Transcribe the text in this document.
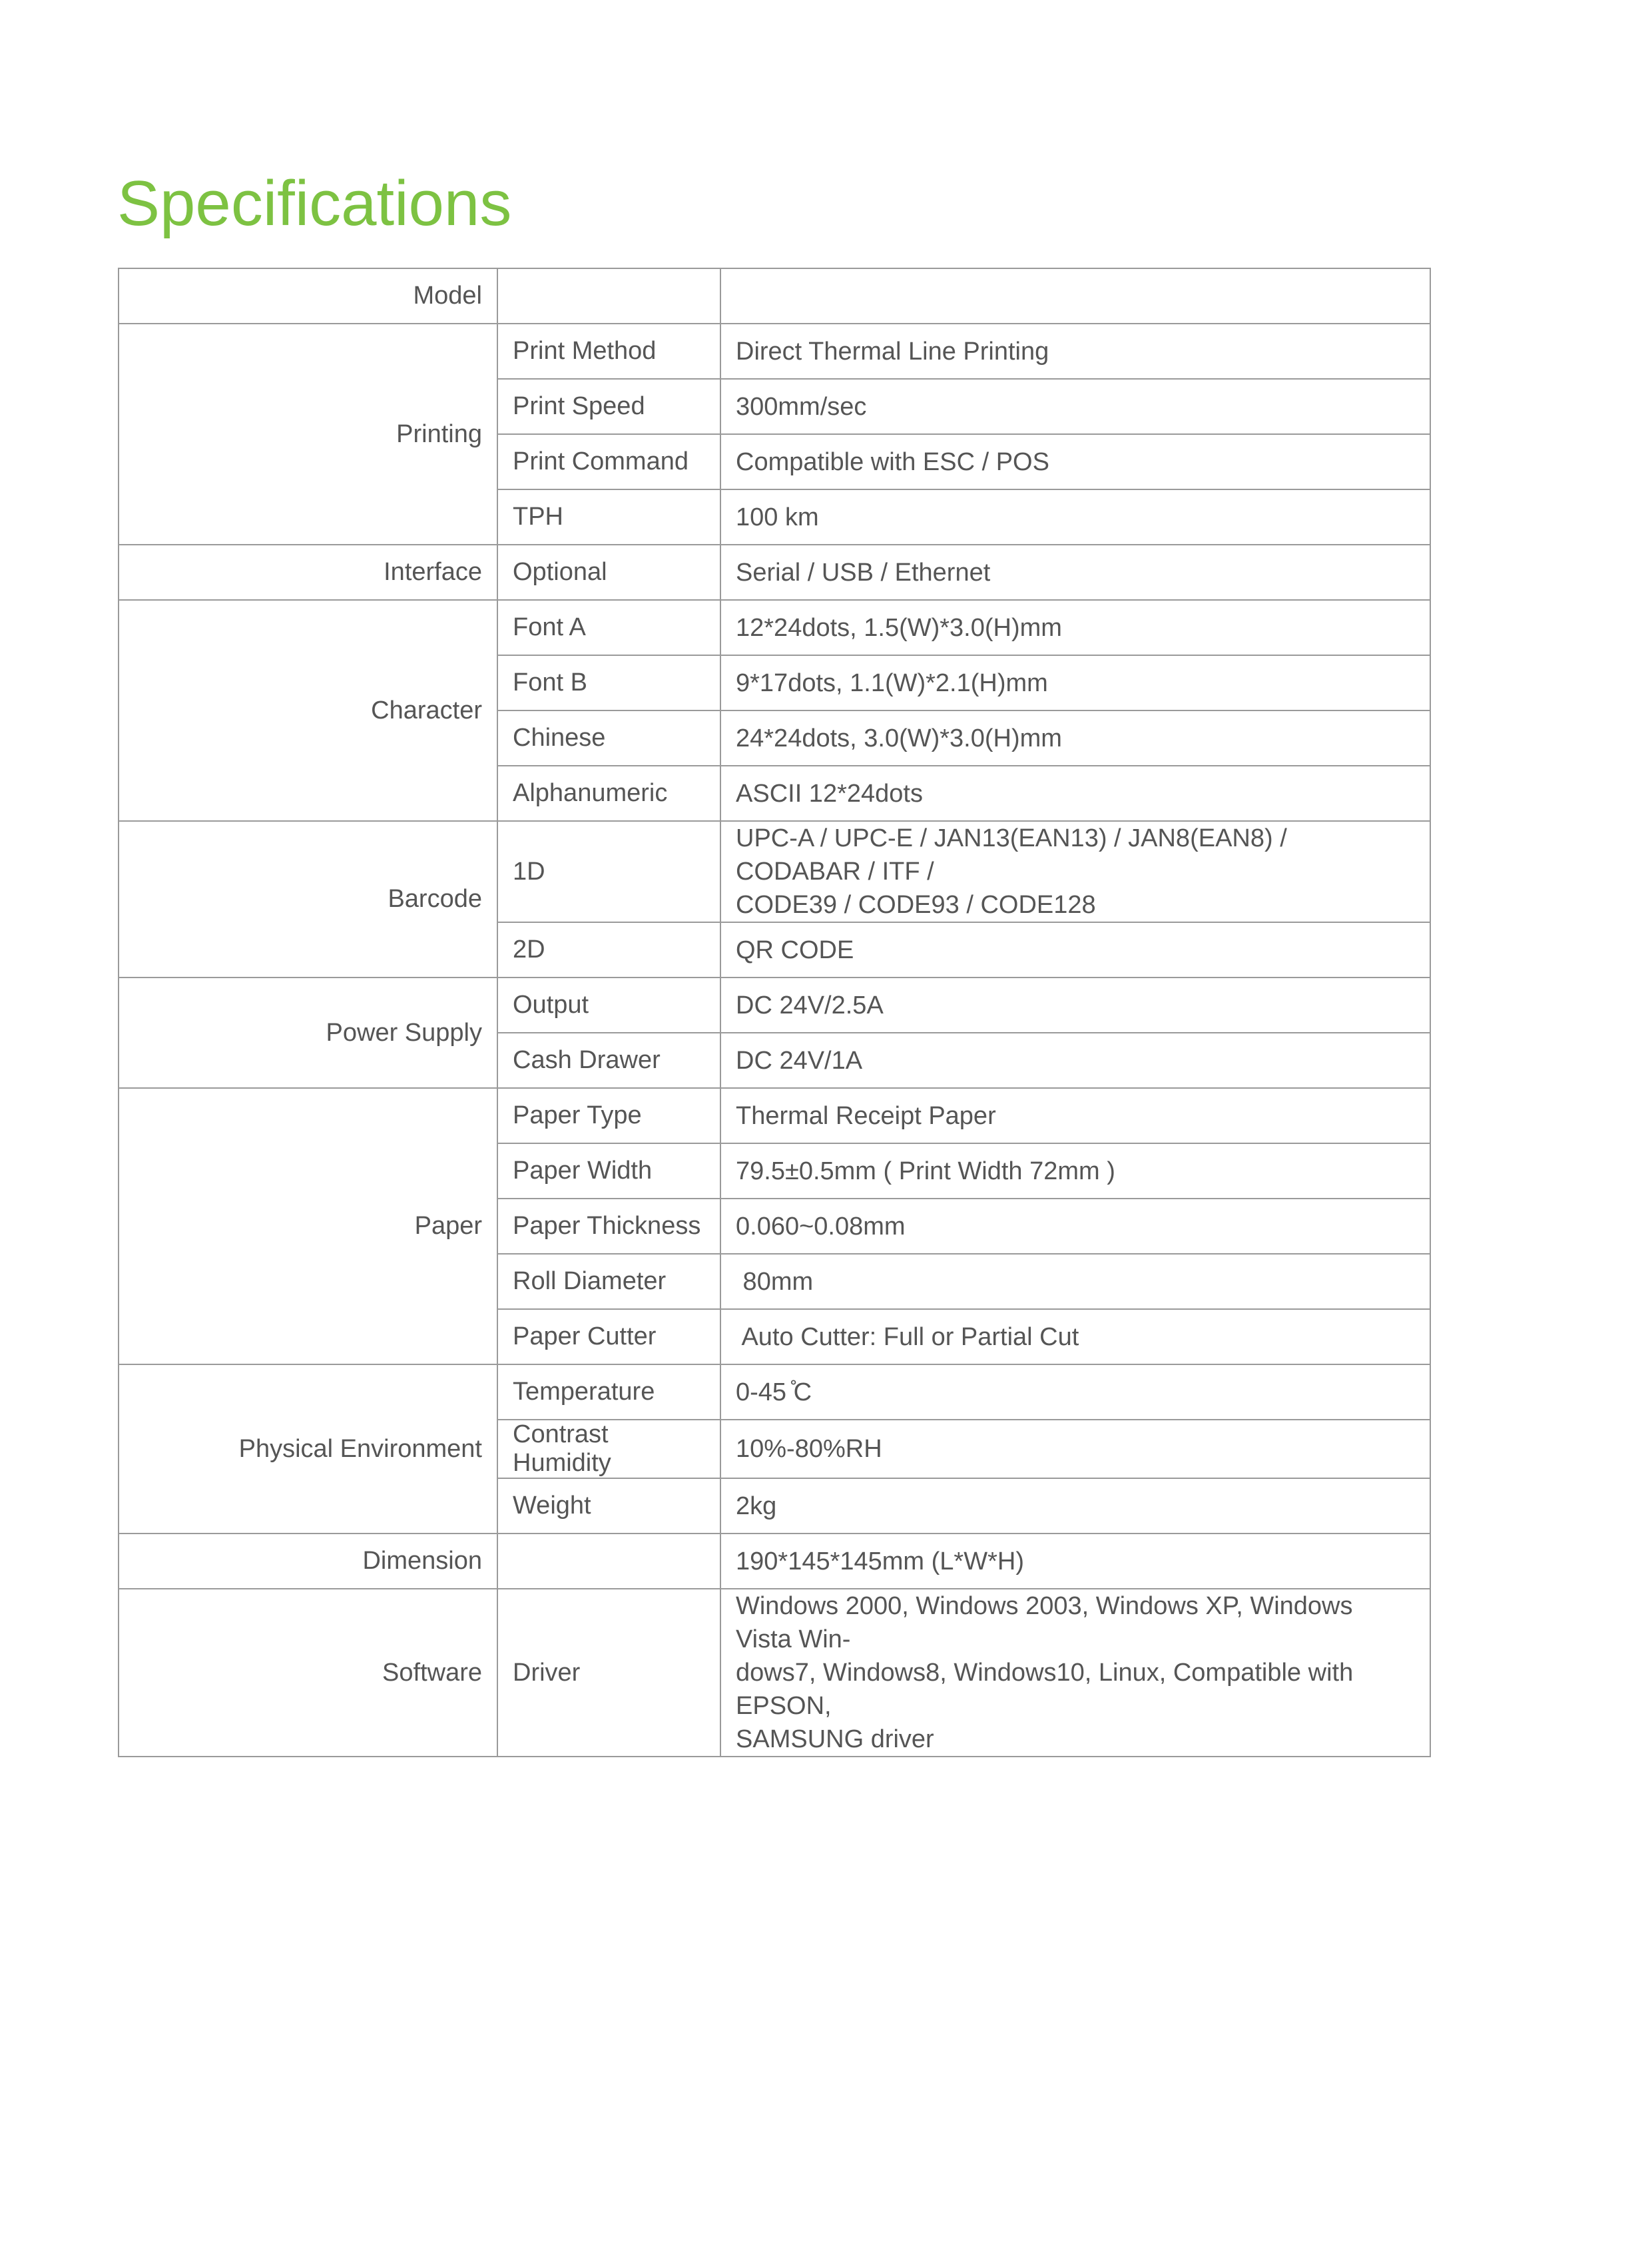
Specifications
Model		
Printing	Print Method	Direct Thermal Line Printing
	Print Speed	300mm/sec
	Print Command	Compatible with ESC / POS
	TPH	100 km
Interface	Optional	Serial / USB / Ethernet
Character	Font A	12*24dots, 1.5(W)*3.0(H)mm
	Font B	9*17dots, 1.1(W)*2.1(H)mm
	Chinese	24*24dots, 3.0(W)*3.0(H)mm
	Alphanumeric	ASCII 12*24dots
Barcode	1D	UPC-A / UPC-E / JAN13(EAN13) / JAN8(EAN8) / CODABAR / ITF /
CODE39 / CODE93 / CODE128

	2D	QR CODE
Power Supply	Output	DC 24V/2.5A
	Cash Drawer	DC 24V/1A
Paper	Paper Type	Thermal Receipt Paper
	Paper Width	79.5±0.5mm ( Print Width 72mm )
	Paper Thickness	0.060~0.08mm
	Roll Diameter	80mm
	Paper Cutter	Auto Cutter: Full or Partial Cut
Physical Environment	Temperature	0-45 ̊C
	Contrast Humidity	10%-80%RH
	Weight	2kg
Dimension		190*145*145mm (L*W*H)
Software	Driver	Windows 2000, Windows 2003, Windows XP, Windows Vista Win-
dows7, Windows8, Windows10, Linux, Compatible with EPSON,
SAMSUNG driver
